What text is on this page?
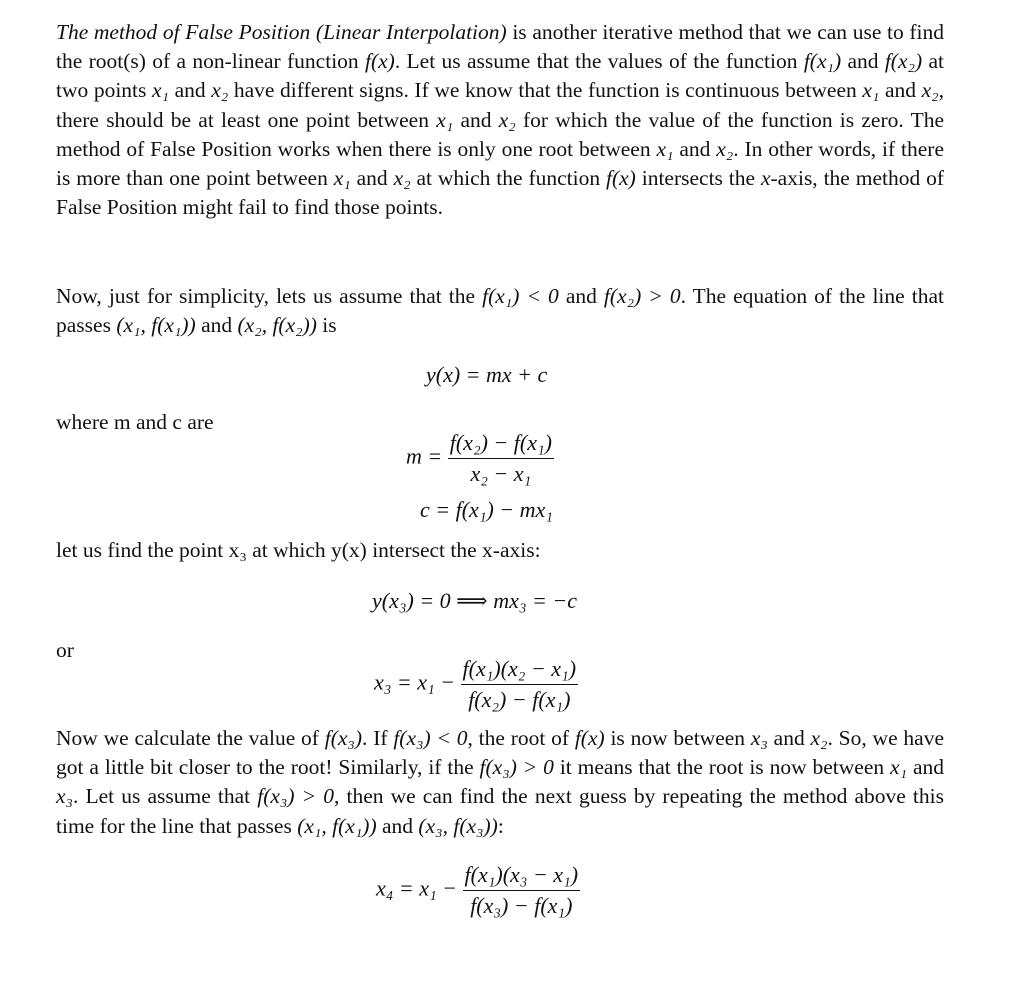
The method of False Position (Linear Interpolation) is another iterative method that we can use to find the root(s) of a non-linear function f(x). Let us assume that the values of the function f(x₁) and f(x₂) at two points x₁ and x₂ have different signs. If we know that the function is continuous between x₁ and x₂, there should be at least one point between x₁ and x₂ for which the value of the function is zero. The method of False Position works when there is only one root between x₁ and x₂. In other words, if there is more than one point between x₁ and x₂ at which the function f(x) intersects the x-axis, the method of False Position might fail to find those points.

Now, just for simplicity, lets us assume that the f(x₁) < 0 and f(x₂) > 0. The equation of the line that passes (x₁, f(x₁)) and (x₂, f(x₂)) is

y(x) = mx + c
where m and c are
$m = \frac{\text{f(x₂) − f(x₁)}}{\text{x₂ − x₁}}$
c = f(x₁) − mx₁
let us find the point x₃ at which y(x) intersect the x-axis:
y(x₃) = 0 ⟹ mx₃ = −c
or
$x_3 = x_1 - \frac{\text{f(x₁)(x₂ − x₁)}}{\text{f(x₂) − f(x₁)}}$

Now we calculate the value of f(x₃). If f(x₃) < 0, the root of f(x) is now between x₃ and x₂. So, we have got a little bit closer to the root! Similarly, if the f(x₃) > 0 it means that the root is now between x₁ and x₃. Let us assume that f(x₃) > 0, then we can find the next guess by repeating the method above this time for the line that passes (x₁, f(x₁)) and (x₃, f(x₃)):

$x_4 = x_1 - \frac{\text{f(x₁)(x₃ − x₁)}}{\text{f(x₃) − f(x₁)}}$
